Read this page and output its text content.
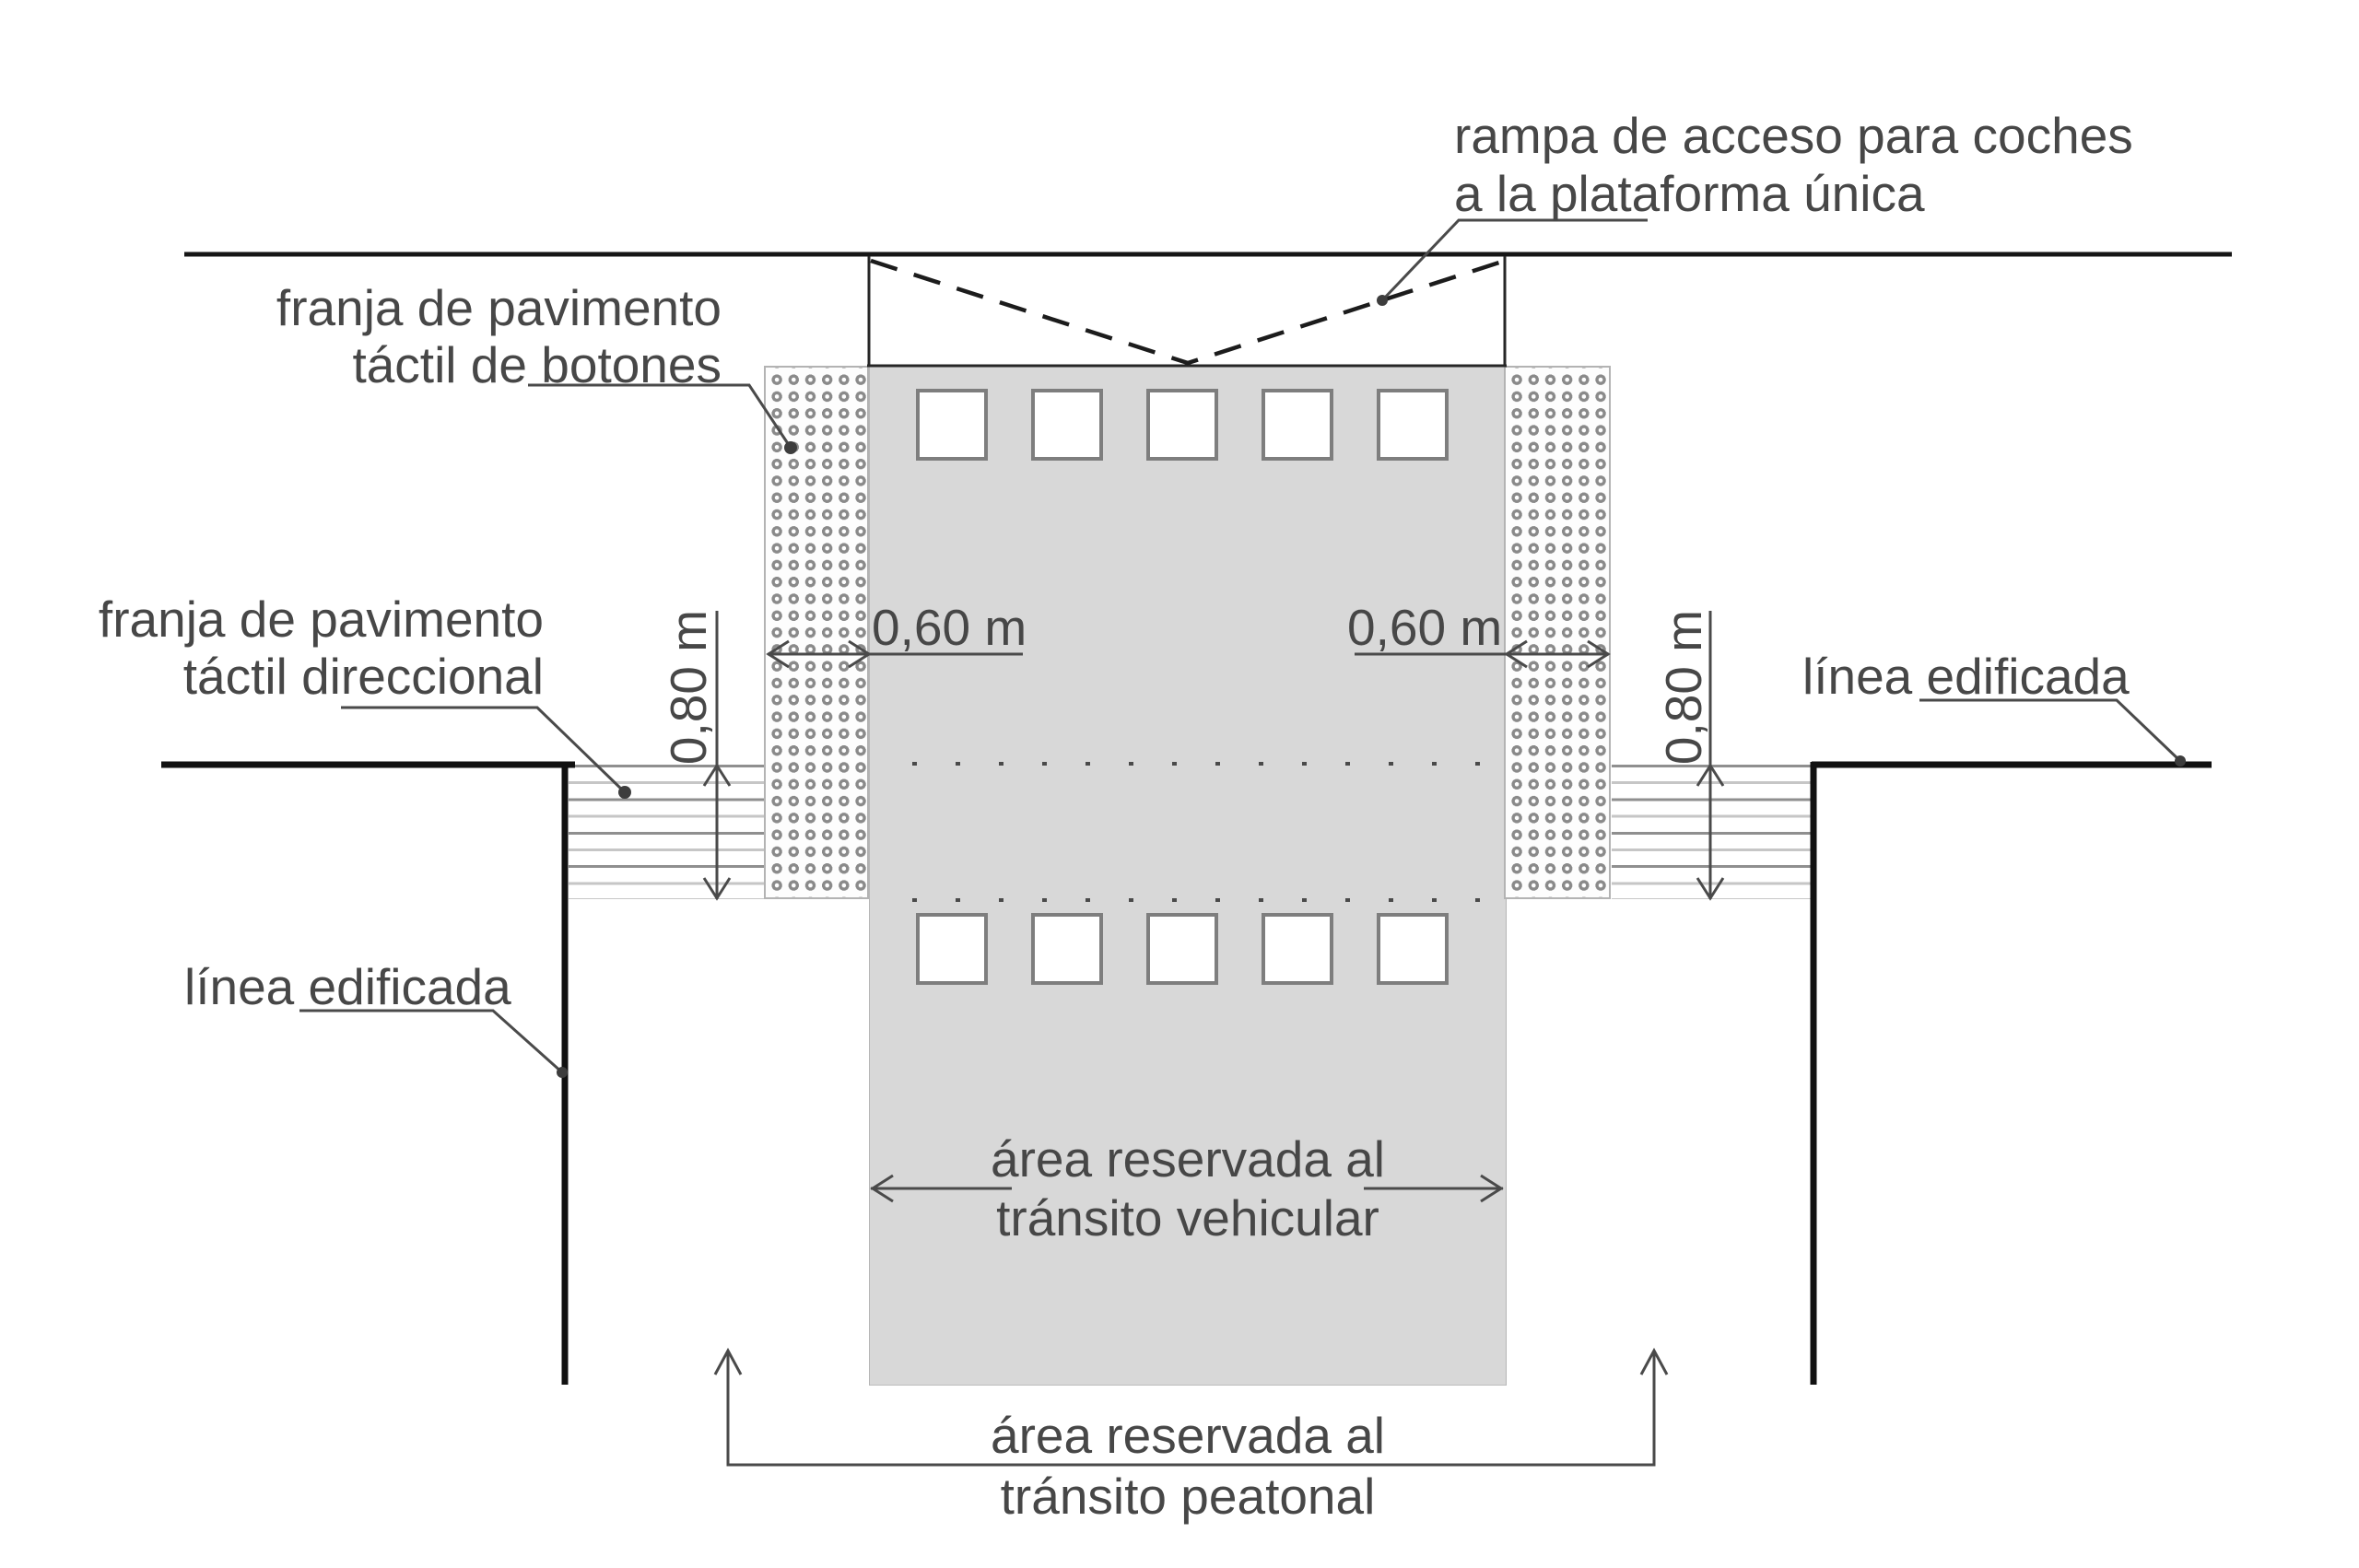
rampa de acceso para coches
a la plataforma única
franja de pavimento
táctil de botones
franja de pavimento
táctil direccional
línea edificada
línea edificada
0,60 m	0,60 m
0,80 m	0,80 m
área reservada al
tránsito vehicular
área reservada al
tránsito peatonal
